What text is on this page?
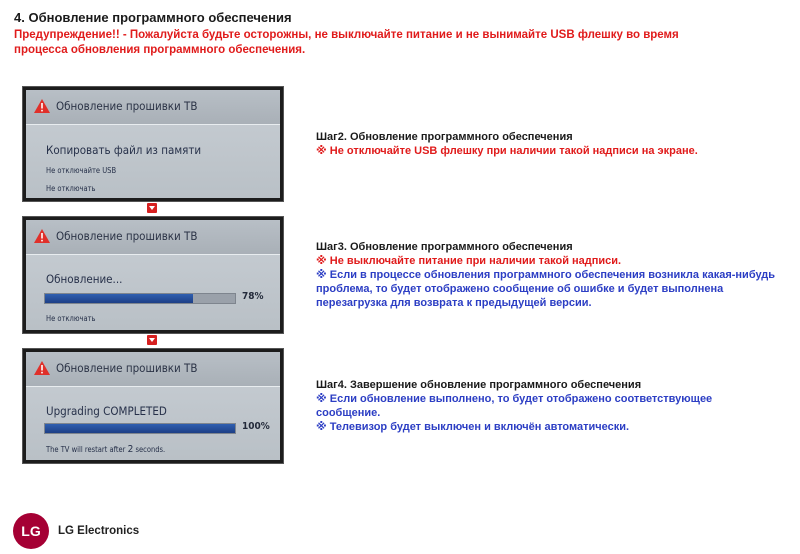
4. Обновление программного обеспечения
Предупреждение!! - Пожалуйста будьте осторожны, не выключайте питание и не вынимайте USB флешку во время процесса обновления программного обеспечения.
Обновление прошивки ТВ
Копировать файл из памяти
Не отключайте USB
Не отключать
Обновление прошивки ТВ
Обновление...
78%
Не отключать
Обновление прошивки ТВ
Upgrading COMPLETED
100%
The TV will restart after 2 seconds.
Шаг2. Обновление программного обеспечения
※ Не отключайте USB флешку при наличии такой надписи на экране.
Шаг3. Обновление программного обеспечения
※ Не выключайте питание при наличии такой надписи.
※ Если в процессе обновления программного обеспечения возникла какая-нибудь проблема, то будет отображено сообщение об ошибке и будет выполнена перезагрузка для возврата к предыдущей версии.
Шаг4. Завершение обновление программного обеспечения
※ Если обновление выполнено, то будет отображено соответствующее сообщение.
※ Телевизор будет выключен и включён автоматически.
LG LG Electronics
